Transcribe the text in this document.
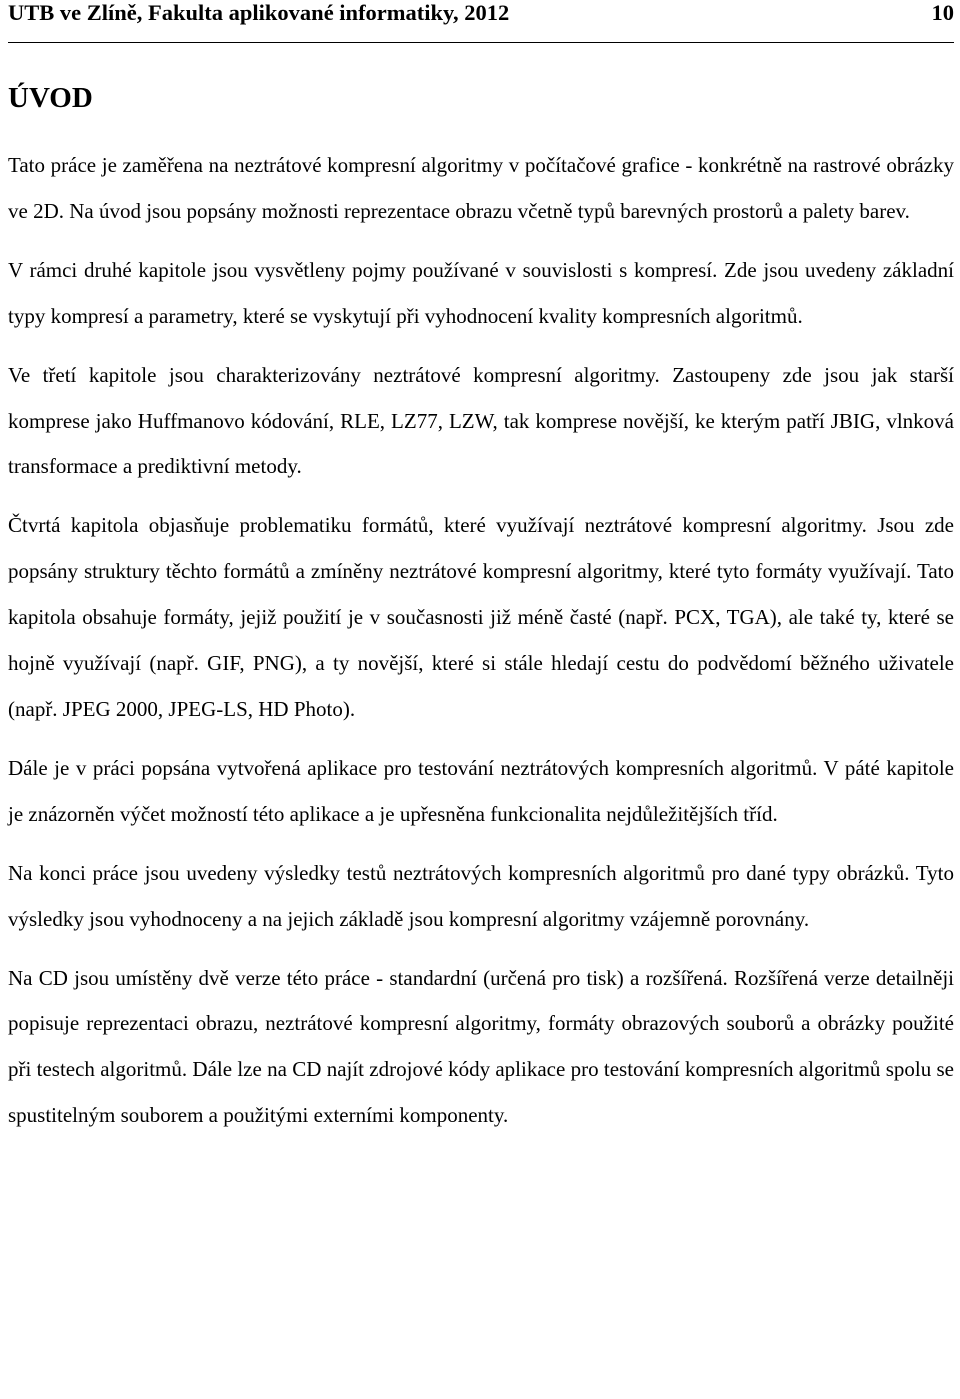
UTB ve Zlíně, Fakulta aplikované informatiky, 2012	10
ÚVOD

Tato práce je zaměřena na neztrátové kompresní algoritmy v počítačové grafice - konkrétně na rastrové obrázky ve 2D. Na úvod jsou popsány možnosti reprezentace obrazu včetně typů barevných prostorů a palety barev.

V rámci druhé kapitole jsou vysvětleny pojmy používané v souvislosti s kompresí. Zde jsou uvedeny základní typy kompresí a parametry, které se vyskytují při vyhodnocení kvality kompresních algoritmů.

Ve třetí kapitole jsou charakterizovány neztrátové kompresní algoritmy. Zastoupeny zde jsou jak starší komprese jako Huffmanovo kódování, RLE, LZ77, LZW, tak komprese novější, ke kterým patří JBIG, vlnková transformace a prediktivní metody.

Čtvrtá kapitola objasňuje problematiku formátů, které využívají neztrátové kompresní algoritmy. Jsou zde popsány struktury těchto formátů a zmíněny neztrátové kompresní algoritmy, které tyto formáty využívají. Tato kapitola obsahuje formáty, jejiž použití je v současnosti již méně časté (např. PCX, TGA), ale také ty, které se hojně využívají (např. GIF, PNG), a ty novější, které si stále hledají cestu do podvědomí běžného uživatele (např. JPEG 2000, JPEG-LS, HD Photo).

Dále je v práci popsána vytvořená aplikace pro testování neztrátových kompresních algoritmů. V páté kapitole je znázorněn výčet možností této aplikace a je upřesněna funkcionalita nejdůležitějších tříd.

Na konci práce jsou uvedeny výsledky testů neztrátových kompresních algoritmů pro dané typy obrázků. Tyto výsledky jsou vyhodnoceny a na jejich základě jsou kompresní algoritmy vzájemně porovnány.

Na CD jsou umístěny dvě verze této práce - standardní (určená pro tisk) a rozšířená. Rozšířená verze detailněji popisuje reprezentaci obrazu, neztrátové kompresní algoritmy, formáty obrazových souborů a obrázky použité při testech algoritmů. Dále lze na CD najít zdrojové kódy aplikace pro testování kompresních algoritmů spolu se spustitelným souborem a použitými externími komponenty.
